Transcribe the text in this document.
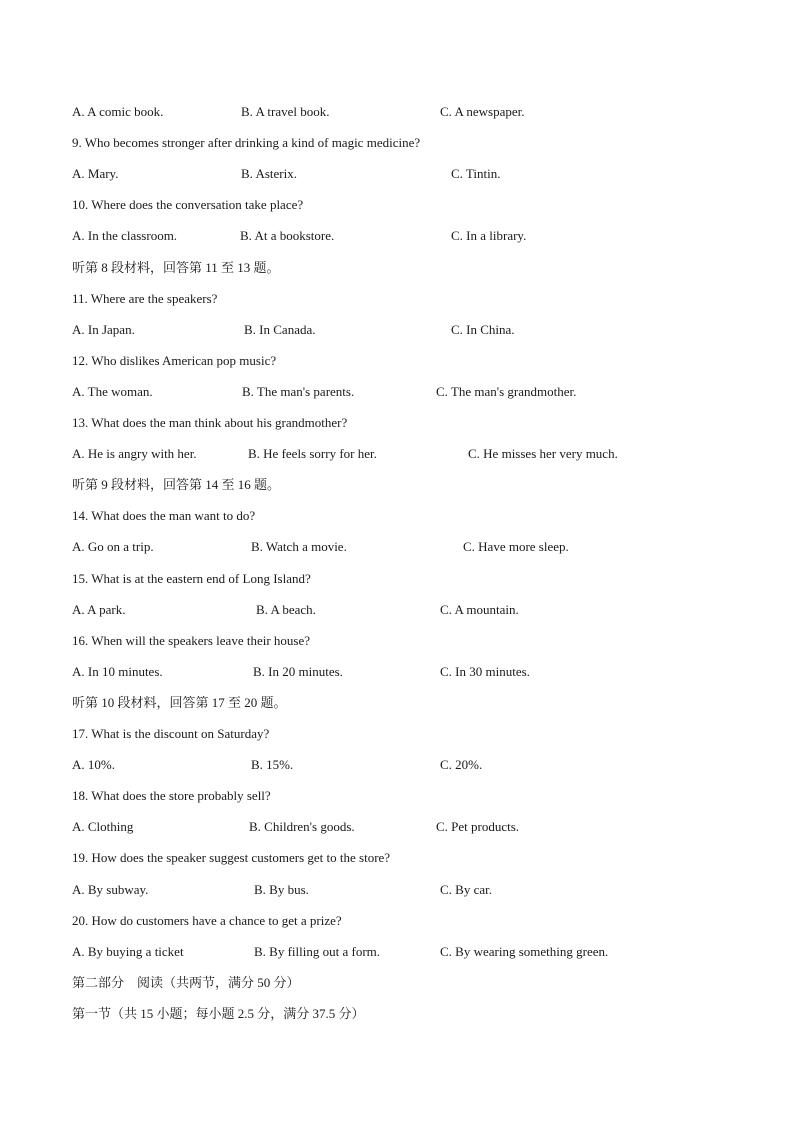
A. A comic book.	B. A travel book.	C. A newspaper.
9. Who becomes stronger after drinking a kind of magic medicine?
A. Mary.	B. Asterix.	C. Tintin.
10. Where does the conversation take place?
A. In the classroom.	B. At a bookstore.	C. In a library.
听第 8 段材料，回答第 11 至 13 题。
11. Where are the speakers?
A. In Japan.	B. In Canada.	C. In China.
12. Who dislikes American pop music?
A. The woman.	B. The man's parents.	C. The man's grandmother.
13. What does the man think about his grandmother?
A. He is angry with her.	B. He feels sorry for her.	C. He misses her very much.
听第 9 段材料，回答第 14 至 16 题。
14. What does the man want to do?
A. Go on a trip.	B. Watch a movie.	C. Have more sleep.
15. What is at the eastern end of Long Island?
A. A park.	B. A beach.	C. A mountain.
16. When will the speakers leave their house?
A. In 10 minutes.	B. In 20 minutes.	C. In 30 minutes.
听第 10 段材料，回答第 17 至 20 题。
17. What is the discount on Saturday?
A. 10%.	B. 15%.	C. 20%.
18. What does the store probably sell?
A. Clothing	B. Children's goods.	C. Pet products.
19. How does the speaker suggest customers get to the store?
A. By subway.	B. By bus.	C. By car.
20. How do customers have a chance to get a prize?
A. By buying a ticket	B. By filling out a form.	C. By wearing something green.
第二部分　阅读（共两节，满分 50 分）
第一节（共 15 小题；每小题 2.5 分，满分 37.5 分）
